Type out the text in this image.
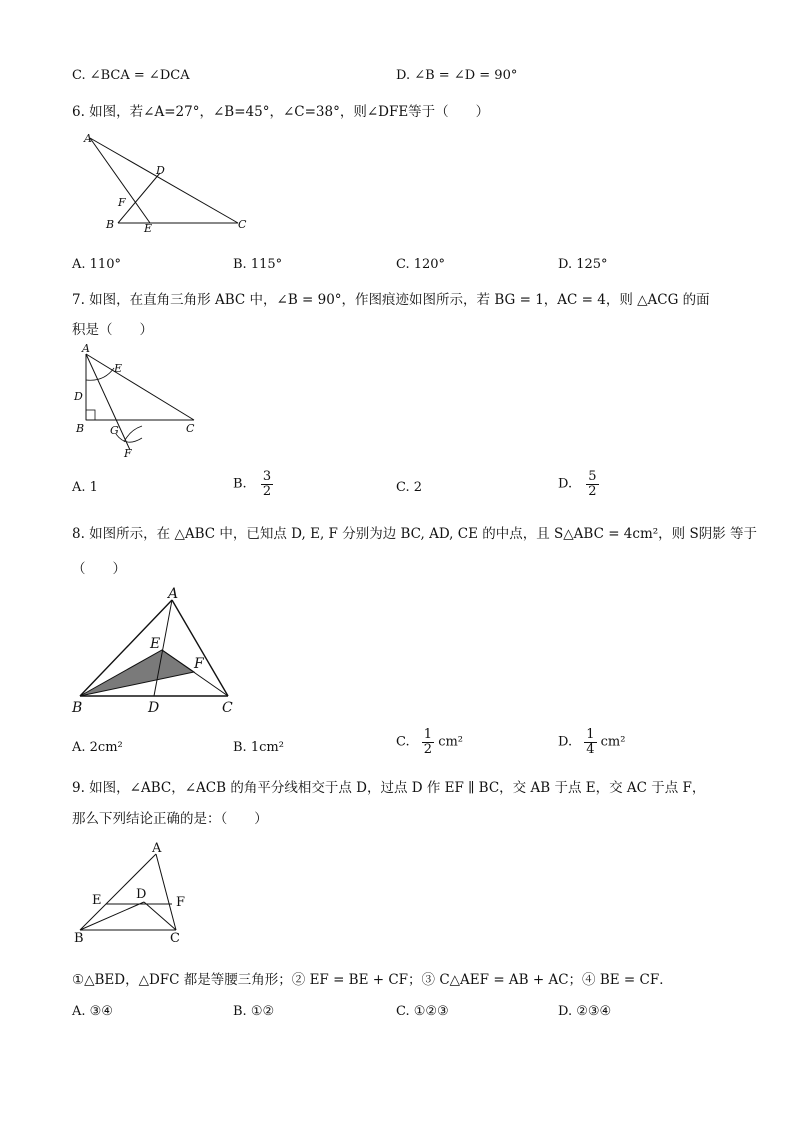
C. ∠BCA = ∠DCA	D. ∠B = ∠D = 90°
6. 如图，若∠A=27°，∠B=45°，∠C=38°，则∠DFE等于（　　）
A
D
F
B	E	C
A. 110°	B. 115°	C. 120°	D. 125°
7. 如图，在直角三角形 ABC 中，∠B = 90°，作图痕迹如图所示，若 BG = 1，AC = 4，则 △ACG 的面
积是（　　）
A
E
D
B G	C
F
A. 1	B. $\frac{3}{2}$	C. 2	D. $\frac{5}{2}$
8. 如图所示，在 △ABC 中，已知点 D, E, F 分别为边 BC, AD, CE 的中点，且 S△ABC = 4cm²，则 S阴影 等于
（　　）
A
E
F
B	D	C
A. 2cm²	B. 1cm²	C. $\frac{1}{2} cm^2$	D. $\frac{1}{4} cm^2$
9. 如图，∠ABC，∠ACB 的角平分线相交于点 D，过点 D 作 EF ∥ BC，交 AB 于点 E，交 AC 于点 F，
那么下列结论正确的是：（　　）
A
E	D
F
B	C
①△BED，△DFC 都是等腰三角形；② EF = BE + CF；③ C△AEF = AB + AC；④ BE = CF．
A. ③④	B. ①②	C. ①②③	D. ②③④
